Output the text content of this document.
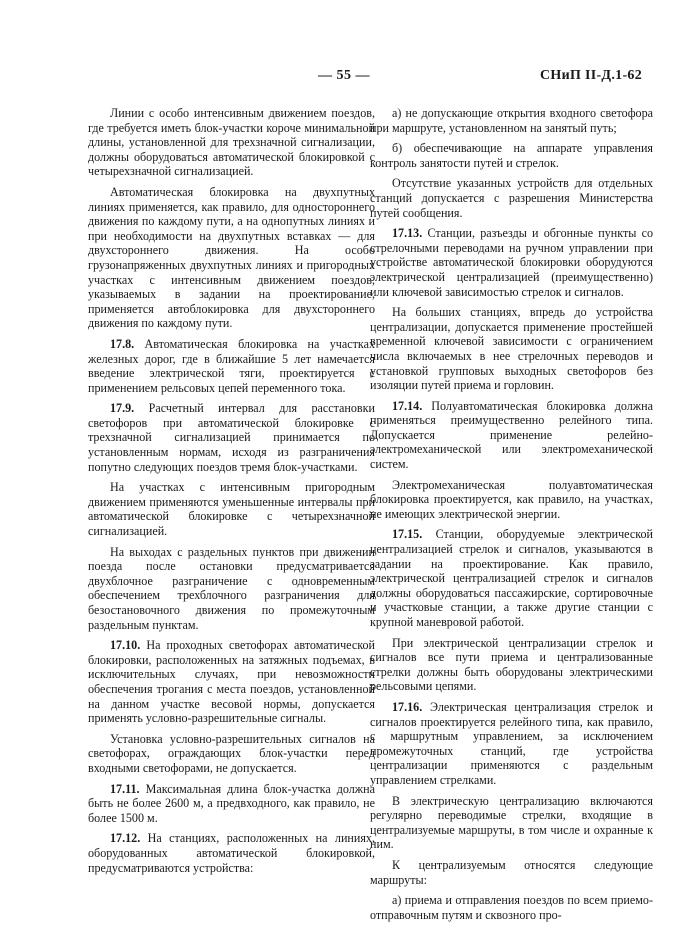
— 55 —	СНиП II-Д.1-62

Линии с особо интенсивным движением поездов, где требуется иметь блок-участки короче минимальной длины, установленной для трехзначной сигнализации, должны оборудоваться автоматической блокировкой с четырехзначной сигнализацией.

Автоматическая блокировка на двухпутных линиях применяется, как правило, для одностороннего движения по каждому пути, а на однопутных линиях и при необходимости на двухпутных вставках — для двухстороннего движения. На особо грузонапряженных двухпутных линиях и пригородных участках с интенсивным движением поездов, указываемых в задании на проектирование, применяется автоблокировка для двухстороннего движения по каждому пути.

17.8. Автоматическая блокировка на участках железных дорог, где в ближайшие 5 лет намечается введение электрической тяги, проектируется с применением рельсовых цепей переменного тока.

17.9. Расчетный интервал для расстановки светофоров при автоматической блокировке с трехзначной сигнализацией принимается по установленным нормам, исходя из разграничения попутно следующих поездов тремя блок-участками.

На участках с интенсивным пригородным движением применяются уменьшенные интервалы при автоматической блокировке с четырехзначной сигнализацией.

На выходах с раздельных пунктов при движении поезда после остановки предусматривается двухблочное разграничение с одновременным обеспечением трехблочного разграничения для безостановочного движения по промежуточным раздельным пунктам.

17.10. На проходных светофорах автоматической блокировки, расположенных на затяжных подъемах, в исключительных случаях, при невозможности обеспечения трогания с места поездов, установленной на данном участке весовой нормы, допускается применять условно-разрешительные сигналы.

Установка условно-разрешительных сигналов на светофорах, ограждающих блок-участки перед входными светофорами, не допускается.

17.11. Максимальная длина блок-участка должна быть не более 2600 м, а предвходного, как правило, не более 1500 м.

17.12. На станциях, расположенных на линиях, оборудованных автоматической блокировкой, предусматриваются устройства:

а) не допускающие открытия входного светофора при маршруте, установленном на занятый путь;

б) обеспечивающие на аппарате управления контроль занятости путей и стрелок.

Отсутствие указанных устройств для отдельных станций допускается с разрешения Министерства путей сообщения.

17.13. Станции, разъезды и обгонные пункты со стрелочными переводами на ручном управлении при устройстве автоматической блокировки оборудуются электрической централизацией (преимущественно) или ключевой зависимостью стрелок и сигналов.

На больших станциях, впредь до устройства централизации, допускается применение простейшей временной ключевой зависимости с ограничением числа включаемых в нее стрелочных переводов и установкой групповых выходных светофоров без изоляции путей приема и горловин.

17.14. Полуавтоматическая блокировка должна применяться преимущественно релейного типа. Допускается применение релейно-электромеханической или электромеханической систем.

Электромеханическая полуавтоматическая блокировка проектируется, как правило, на участках, не имеющих электрической энергии.

17.15. Станции, оборудуемые электрической централизацией стрелок и сигналов, указываются в задании на проектирование. Как правило, электрической централизацией стрелок и сигналов должны оборудоваться пассажирские, сортировочные и участковые станции, а также другие станции с крупной маневровой работой.

При электрической централизации стрелок и сигналов все пути приема и централизованные стрелки должны быть оборудованы электрическими рельсовыми цепями.

17.16. Электрическая централизация стрелок и сигналов проектируется релейного типа, как правило, с маршрутным управлением, за исключением промежуточных станций, где устройства централизации применяются с раздельным управлением стрелками.

В электрическую централизацию включаются регулярно переводимые стрелки, входящие в централизуемые маршруты, в том числе и охранные к ним.

К централизуемым относятся следующие маршруты:

а) приема и отправления поездов по всем приемо-отправочным путям и сквозного про-
